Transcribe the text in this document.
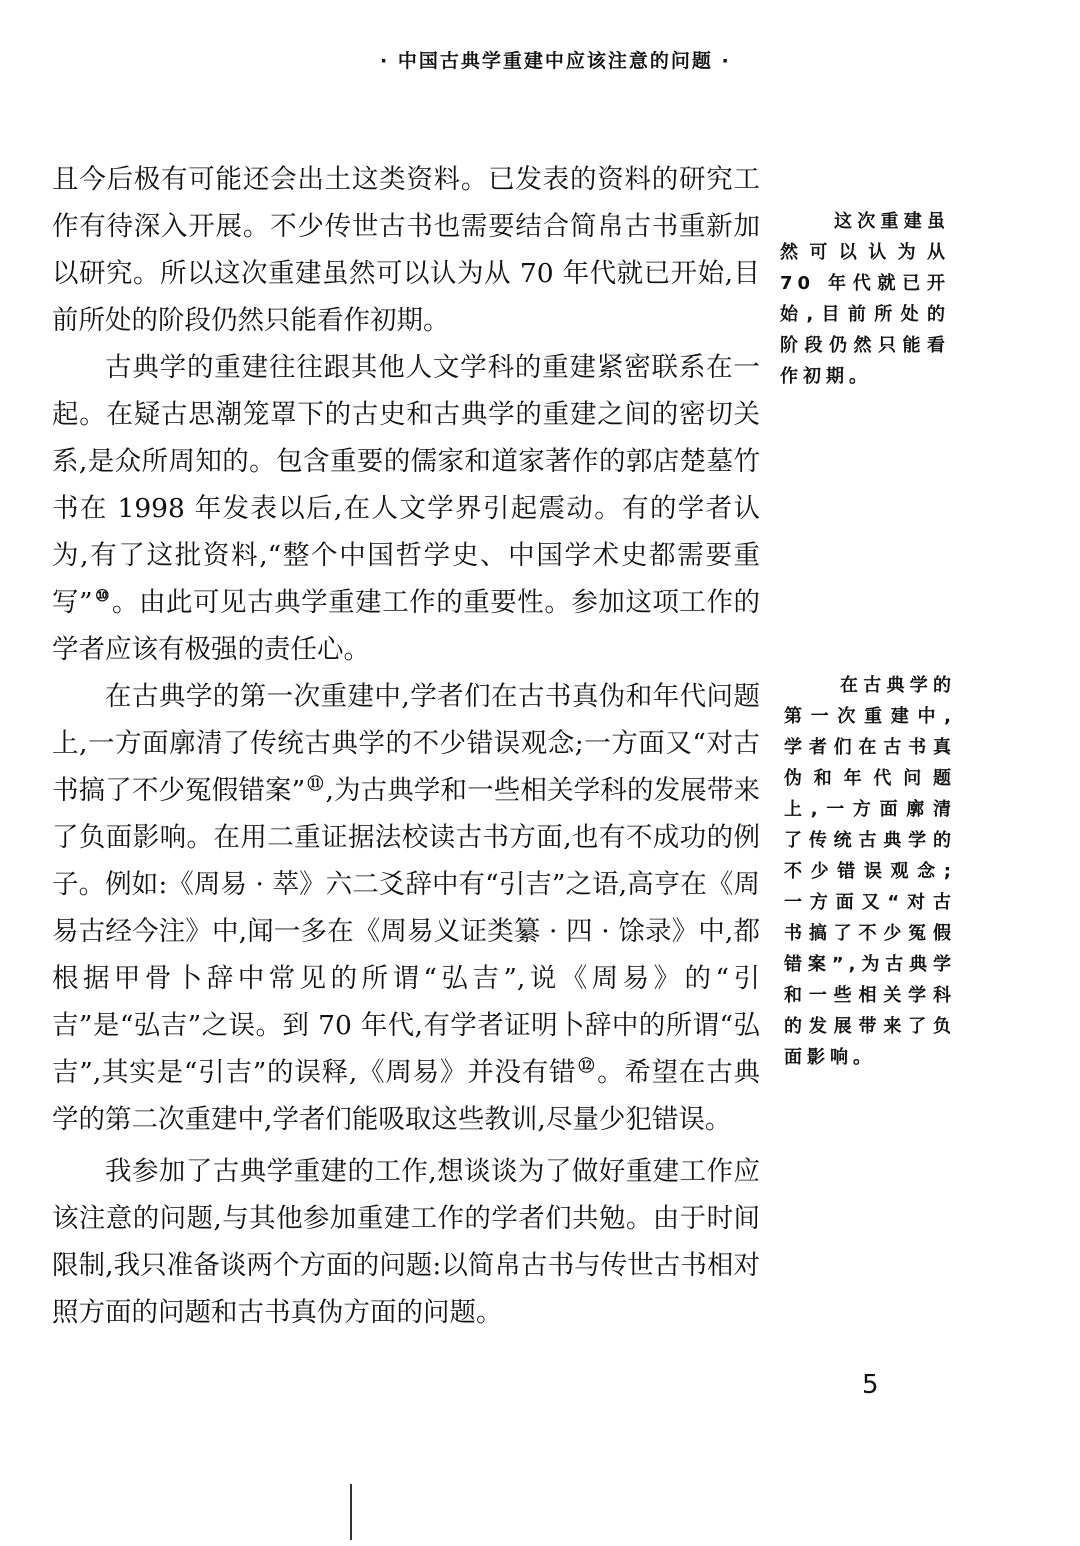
· 中国古典学重建中应该注意的问题 ·

且今后极有可能还会出土这类资料。已发表的资料的研究工作有待深入开展。不少传世古书也需要结合简帛古书重新加以研究。所以这次重建虽然可以认为从 70 年代就已开始,目前所处的阶段仍然只能看作初期。

古典学的重建往往跟其他人文学科的重建紧密联系在一起。在疑古思潮笼罩下的古史和古典学的重建之间的密切关系,是众所周知的。包含重要的儒家和道家著作的郭店楚墓竹书在 1998 年发表以后,在人文学界引起震动。有的学者认为,有了这批资料,“整个中国哲学史、中国学术史都需要重写” ⑩。由此可见古典学重建工作的重要性。参加这项工作的学者应该有极强的责任心。

在古典学的第一次重建中,学者们在古书真伪和年代问题上,一方面廓清了传统古典学的不少错误观念;一方面又“对古书搞了不少冤假错案” ⑪,为古典学和一些相关学科的发展带来了负面影响。在用二重证据法校读古书方面,也有不成功的例子。例如:《周易 · 萃》六二爻辞中有“引吉”之语,高亨在《周易古经今注》中,闻一多在《周易义证类纂 · 四 · 馀录》中,都根据甲骨卜辞中常见的所谓“弘吉”,说《周易》的“引吉”是“弘吉”之误。到 70 年代,有学者证明卜辞中的所谓“弘吉”,其实是“引吉”的误释,《周易》并没有错 ⑫。希望在古典学的第二次重建中,学者们能吸取这些教训,尽量少犯错误。

我参加了古典学重建的工作,想谈谈为了做好重建工作应该注意的问题,与其他参加重建工作的学者们共勉。由于时间限制,我只准备谈两个方面的问题:以简帛古书与传世古书相对照方面的问题和古书真伪方面的问题。

这次重建虽然可以认为从 70 年代就已开始,目前所处的阶段仍然只能看作初期。
在古典学的第一次重建中,学者们在古书真伪和年代问题上,一方面廓清了传统古典学的不少错误观念;一方面又“对古书搞了不少冤假错案”,为古典学和一些相关学科的发展带来了负面影响。
5
